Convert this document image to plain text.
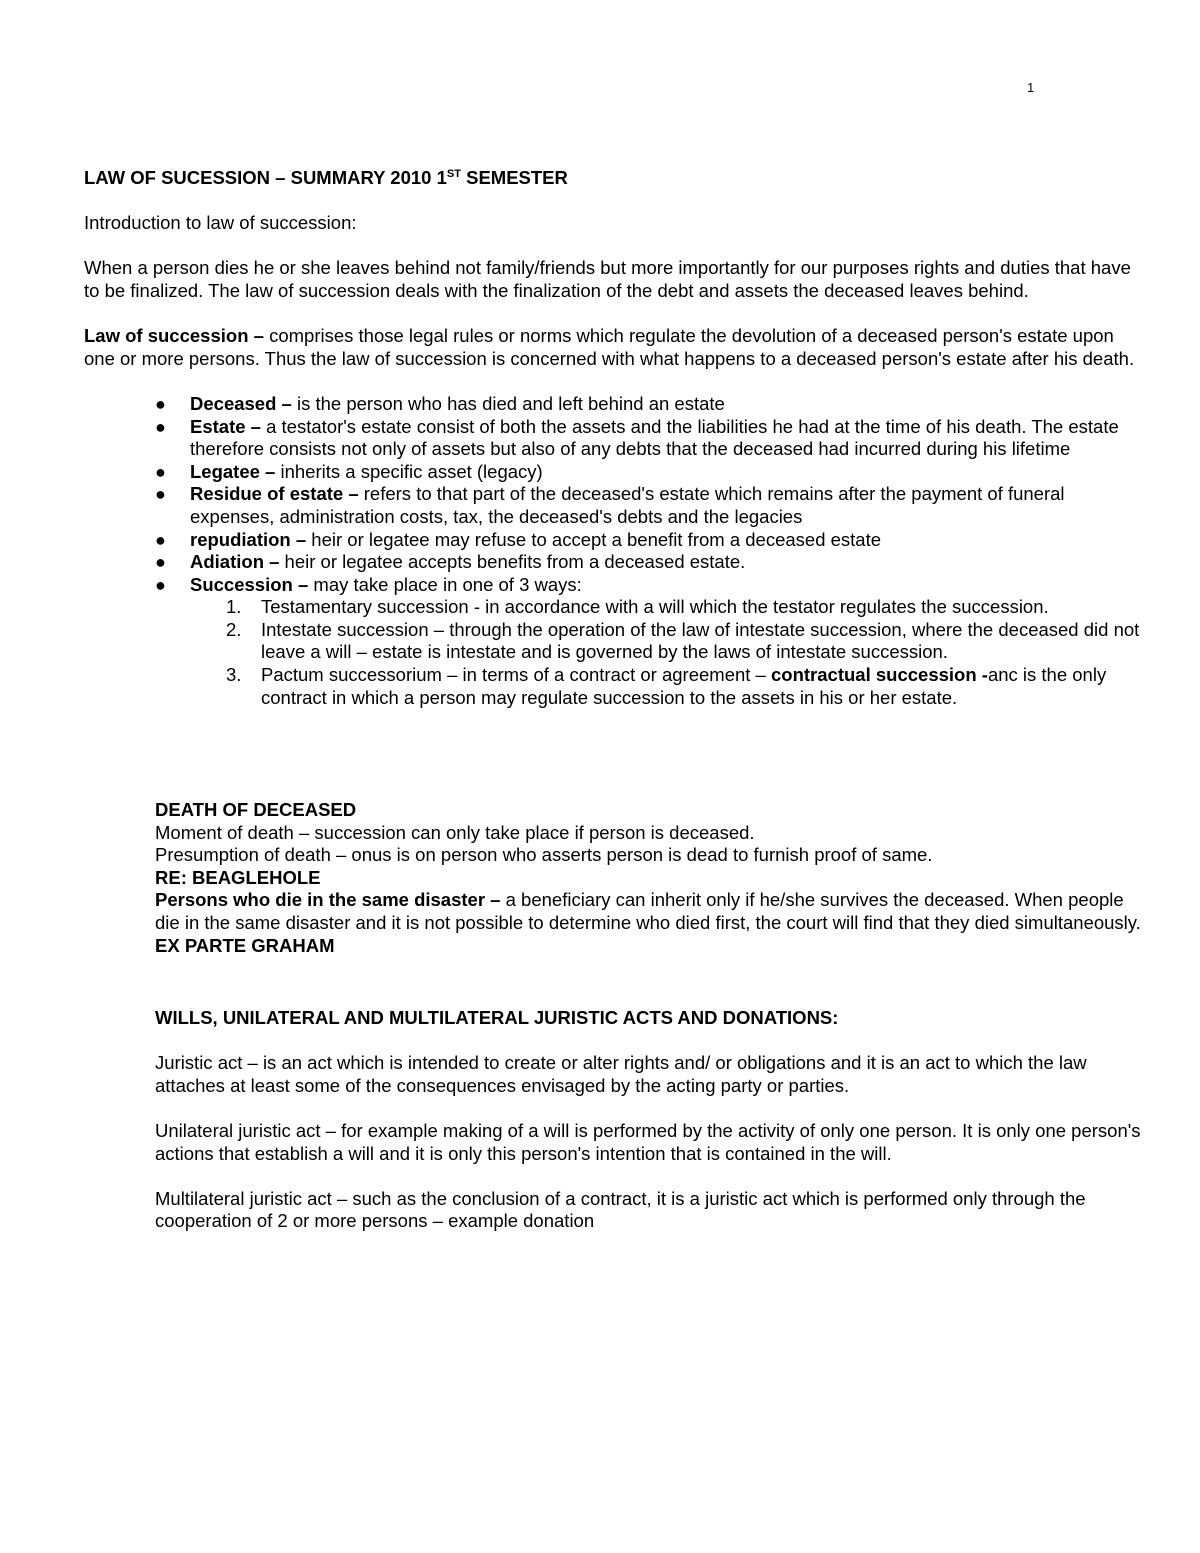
1

LAW OF SUCESSION – SUMMARY 2010 1ST SEMESTER

Introduction to law of succession:

When a person dies he or she leaves behind not family/friends but more importantly for our purposes rights and duties that have to be finalized. The law of succession deals with the finalization of the debt and assets the deceased leaves behind.

Law of succession – comprises those legal rules or norms which regulate the devolution of a deceased person's estate upon one or more persons. Thus the law of succession is concerned with what happens to a deceased person's estate after his death.

● Deceased – is the person who has died and left behind an estate
● Estate – a testator's estate consist of both the assets and the liabilities he had at the time of his death. The estate therefore consists not only of assets but also of any debts that the deceased had incurred during his lifetime
● Legatee – inherits a specific asset (legacy)
● Residue of estate – refers to that part of the deceased's estate which remains after the payment of funeral expenses, administration costs, tax, the deceased's debts and the legacies
● repudiation – heir or legatee may refuse to accept a benefit from a deceased estate
● Adiation – heir or legatee accepts benefits from a deceased estate.
● Succession – may take place in one of 3 ways:
1. Testamentary succession - in accordance with a will which the testator regulates the succession.
2. Intestate succession – through the operation of the law of intestate succession, where the deceased did not leave a will – estate is intestate and is governed by the laws of intestate succession.
3. Pactum successorium – in terms of a contract or agreement – contractual succession -anc is the only contract in which a person may regulate succession to the assets in his or her estate.

DEATH OF DECEASED

Moment of death – succession can only take place if person is deceased.

Presumption of death – onus is on person who asserts person is dead to furnish proof of same.

RE: BEAGLEHOLE

Persons who die in the same disaster – a beneficiary can inherit only if he/she survives the deceased. When people die in the same disaster and it is not possible to determine who died first, the court will find that they died simultaneously. EX PARTE GRAHAM

WILLS, UNILATERAL AND MULTILATERAL JURISTIC ACTS AND DONATIONS:

Juristic act – is an act which is intended to create or alter rights and/ or obligations and it is an act to which the law attaches at least some of the consequences envisaged by the acting party or parties.

Unilateral juristic act – for example making of a will is performed by the activity of only one person. It is only one person's actions that establish a will and it is only this person's intention that is contained in the will.

Multilateral juristic act – such as the conclusion of a contract, it is a juristic act which is performed only through the cooperation of 2 or more persons – example donation
